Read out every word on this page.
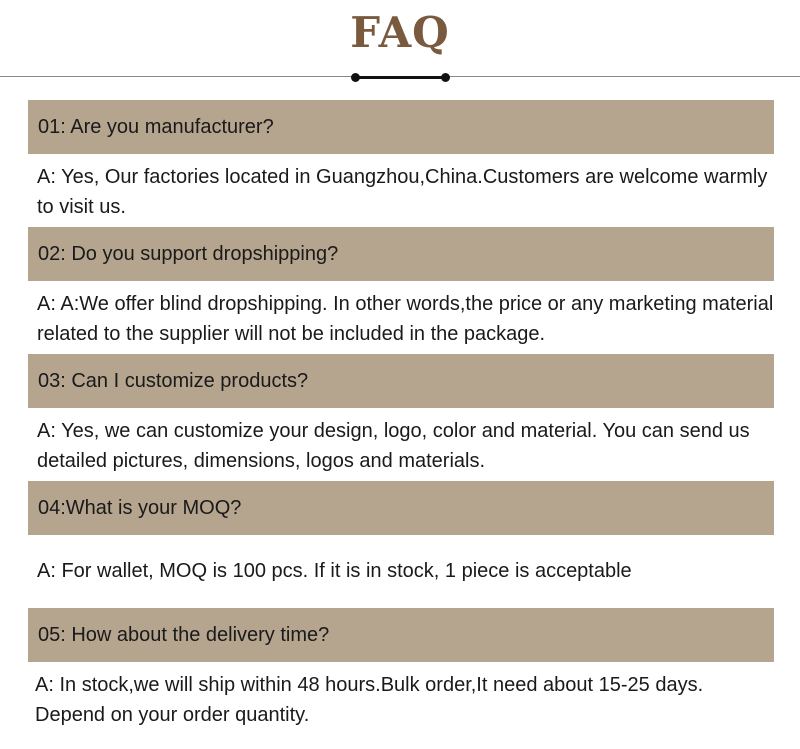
FAQ
01: Are you manufacturer?
A: Yes, Our factories located in Guangzhou,China.Customers are welcome warmly to visit us.
02: Do you support dropshipping?
A: A:We offer blind dropshipping. In other words,the price or any marketing material related to the supplier will not be included in the package.
03: Can I customize products?
A: Yes, we can customize your design, logo, color and material. You can send us detailed pictures, dimensions, logos and materials.
04:What is your MOQ?
A: For wallet, MOQ is 100 pcs. If it is in stock, 1 piece is acceptable
05: How about the delivery time?
A: In stock,we will ship within 48 hours.Bulk order,It need about 15-25 days. Depend on your order quantity.
